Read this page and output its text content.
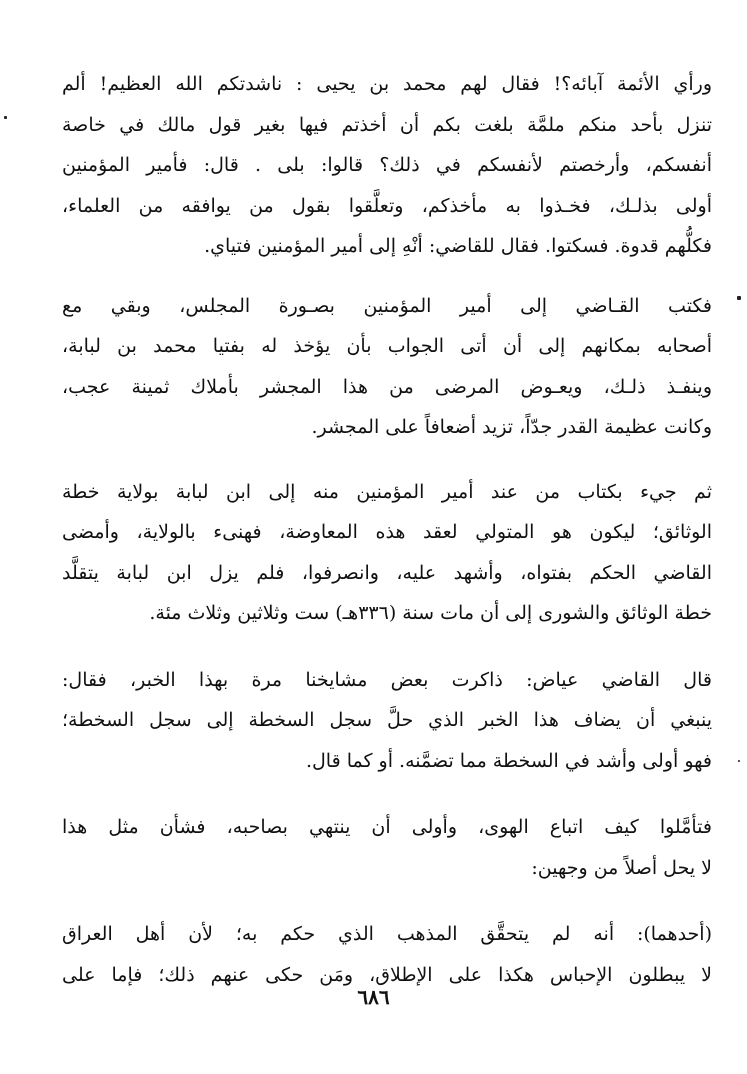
ورأي الأئمة آبائه؟! فقال لهم محمد بن يحيى : ناشدتكم الله العظيم! ألم
تنزل بأحد منكم ملمَّة بلغت بكم أن أخذتم فيها بغير قول مالك في خاصة
أنفسكم، وأرخصتم لأنفسكم في ذلك؟ قالوا: بلى . قال: فأمير المؤمنين
أولى بذلـك، فخـذوا به مأخذكم، وتعلَّقوا بقول من يوافقه من العلماء،
فكلُّهم قدوة. فسكتوا. فقال للقاضي: أنْهِ إلى أمير المؤمنين فتياي.
فكتب القـاضي إلى أمير المؤمنين بصـورة المجلس، وبقي مع
أصحابه بمكانهم إلى أن أتى الجواب بأن يؤخذ له بفتيا محمد بن لبابة،
وينفـذ ذلـك، ويعـوض المرضى من هذا المجشر بأملاك ثمينة عجب،
وكانت عظيمة القدر جدّاً، تزيد أضعافاً على المجشر.
ثم جيء بكتاب من عند أمير المؤمنين منه إلى ابن لبابة بولاية خطة
الوثائق؛ ليكون هو المتولي لعقد هذه المعاوضة، فهنىء بالولاية، وأمضى
القاضي الحكم بفتواه، وأشهد عليه، وانصرفوا، فلم يزل ابن لبابة يتقلَّد
خطة الوثائق والشورى إلى أن مات سنة (٣٣٦هـ) ست وثلاثين وثلاث مئة.
قال القاضي عياض: ذاكرت بعض مشايخنا مرة بهذا الخبر، فقال:
ينبغي أن يضاف هذا الخبر الذي حلَّ سجل السخطة إلى سجل السخطة؛
فهو أولى وأشد في السخطة مما تضمَّنه. أو كما قال.
فتأمَّلوا كيف اتباع الهوى، وأولى أن ينتهي بصاحبه، فشأن مثل هذا
لا يحل أصلاً من وجهين:
(أحدهما): أنه لم يتحقَّق المذهب الذي حكم به؛ لأن أهل العراق
لا يبطلون الإحباس هكذا على الإطلاق، ومَن حكى عنهم ذلك؛ فإما على
٦٨٦
